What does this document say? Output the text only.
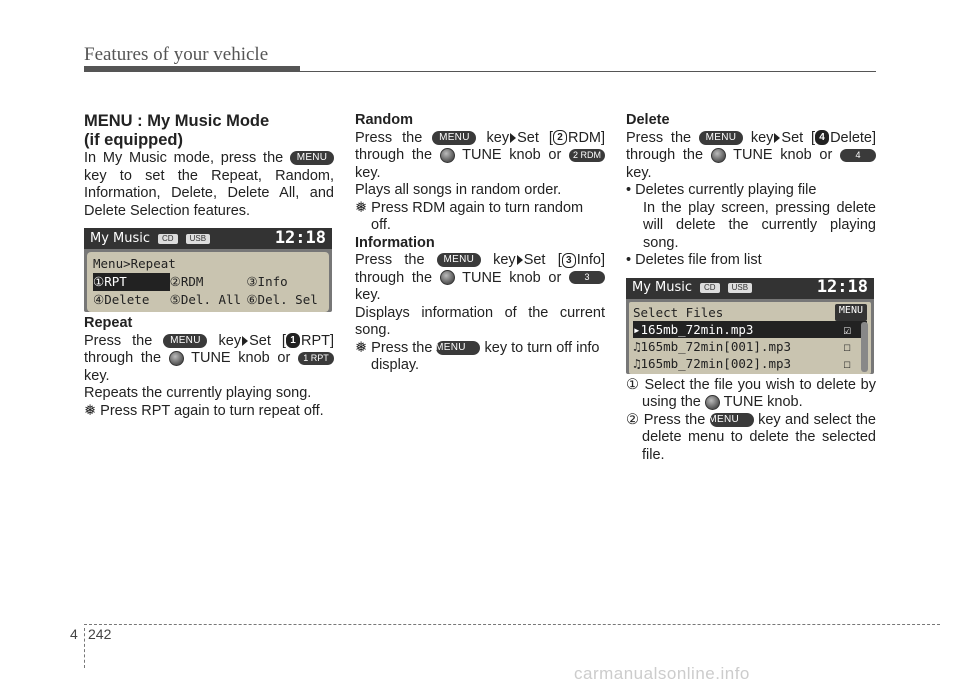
Features of your vehicle
MENU : My Music Mode
(if equipped)

In My Music mode, press the MENU key to set the Repeat, Random, Information, Delete, Delete All, and Delete Selection features.

My Music	CD	USB	12:18
Menu>Repeat
①RPT	②RDM	③Info
④Delete	⑤Del. All ⑥Del. Sel
Repeat

Press the MENU key Set [ 1 RPT] through the TUNE knob or 1 RPT key.

Repeats the currently playing song.

❅ Press RPT again to turn repeat off.

Random

Press the MENU key Set [ 2 RDM] through the TUNE knob or 2 RDM key.

Plays all songs in random order.

❅ Press RDM again to turn random off.

Information

Press the MENU key Set [ 3 Info] through the TUNE knob or	3 key.

Displays information of the current song.

❅ Press the MENU key to turn off info display.

Delete

Press the MENU key Set [ 4 Delete] through the TUNE knob or	4 key.

• Deletes currently playing file

In the play screen, pressing delete will delete the currently playing song.

• Deletes file from list

My Music	CD	USB	12:18
Select Files	MENU
▸165mb_72min.mp3	☑
♫165mb_72min[001].mp3	☐
♫165mb_72min[002].mp3	☐

① Select the file you wish to delete by using the TUNE knob.

② Press the MENU key and select the delete menu to delete the selected file.

4 242
carmanualsonline.info
